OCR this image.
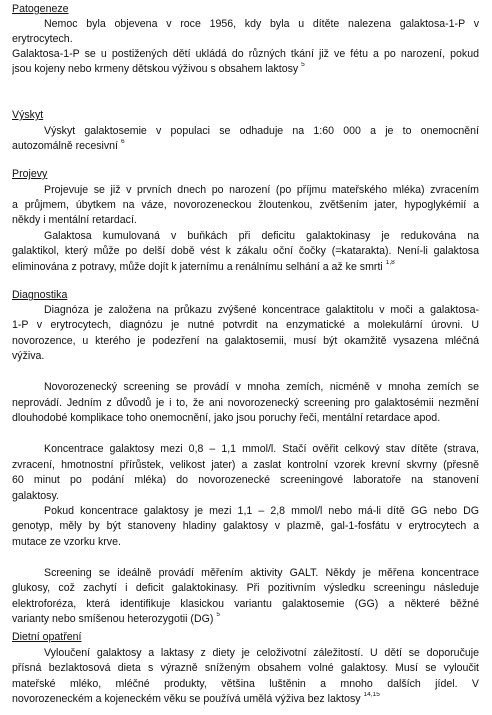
Patogeneze
Nemoc byla objevena v roce 1956, kdy byla u dítěte nalezena galaktosa-1-P v
erytrocytech.
Galaktosa-1-P se u postižených dětí ukládá do různých tkání již ve fétu a po narození, pokud
jsou kojeny nebo krmeny dětskou výživou s obsahem laktosy $^5$
Výskyt
Výskyt galaktosemie v populaci se odhaduje na 1:60 000 a je to onemocnění
autozomálně recesivní $^6$
Projevy
Projevuje se již v prvních dnech po narození (po příjmu mateřského mléka) zvracením
a průjmem, úbytkem na váze, novorozeneckou žloutenkou, zvětšením jater, hypoglykémií a
někdy i mentální retardací.
Galaktosa kumulovaná v buňkách při deficitu galaktokinasy je redukována na
galaktikol, který může po delší době vést k zákalu oční čočky (=katarakta). Není-li galaktosa
eliminována z potravy, může dojít k jaternímu a renálnímu selhání a až ke smrti $^{1,8}$
Diagnostika
Diagnóza je založena na průkazu zvýšené koncentrace galaktitolu v moči a galaktosa-
1-P v erytrocytech, diagnózu je nutné potvrdit na enzymatické a molekulární úrovni. U
novorozence, u kterého je podezření na galaktosemii, musí být okamžitě vysazena mléčná
výživa.
Novorozenecký screening se provádí v mnoha zemích, nicméně v mnoha zemích se
neprovádí. Jedním z důvodů je i to, že ani novorozenecký screening pro galaktosémii nezmění
dlouhodobé komplikace toho onemocnění, jako jsou poruchy řeči, mentální retardace apod.
Koncentrace galaktosy mezi 0,8 – 1,1 mmol/l. Stačí ověřit celkový stav dítěte (strava,
zvracení, hmotnostní přírůstek, velikost jater) a zaslat kontrolní vzorek krevní skvrny (přesně
60 minut po podání mléka) do novorozenecké screeningové laboratoře na stanovení
galaktosy.
Pokud koncentrace galaktosy je mezi 1,1 – 2,8 mmol/l nebo má-li dítě GG nebo DG
genotyp, měly by být stanoveny hladiny galaktosy v plazmě, gal-1-fosfátu v erytrocytech a
mutace ze vzorku krve.
Screening se ideálně provádí měřením aktivity GALT. Někdy je měřena koncentrace
glukosy, což zachytí i deficit galaktokinasy. Při pozitivním výsledku screeningu následuje
elektroforéza, která identifikuje klasickou variantu galaktosemie (GG) a některé běžné
varianty nebo smíšenou heterozygotii (DG) $^5$
Dietní opatření
Vyloučení galaktosy a laktasy z diety je celoživotní záležitostí. U dětí se doporučuje
přísná bezlaktosová dieta s výrazně sníženým obsahem volné galaktosy. Musí se vyloučit
mateřské mléko, mléčné produkty, většina luštěnin a mnoho dalších jídel. V
novorozeneckém a kojeneckém věku se používá umělá výživa bez laktosy $^{14,15}$
